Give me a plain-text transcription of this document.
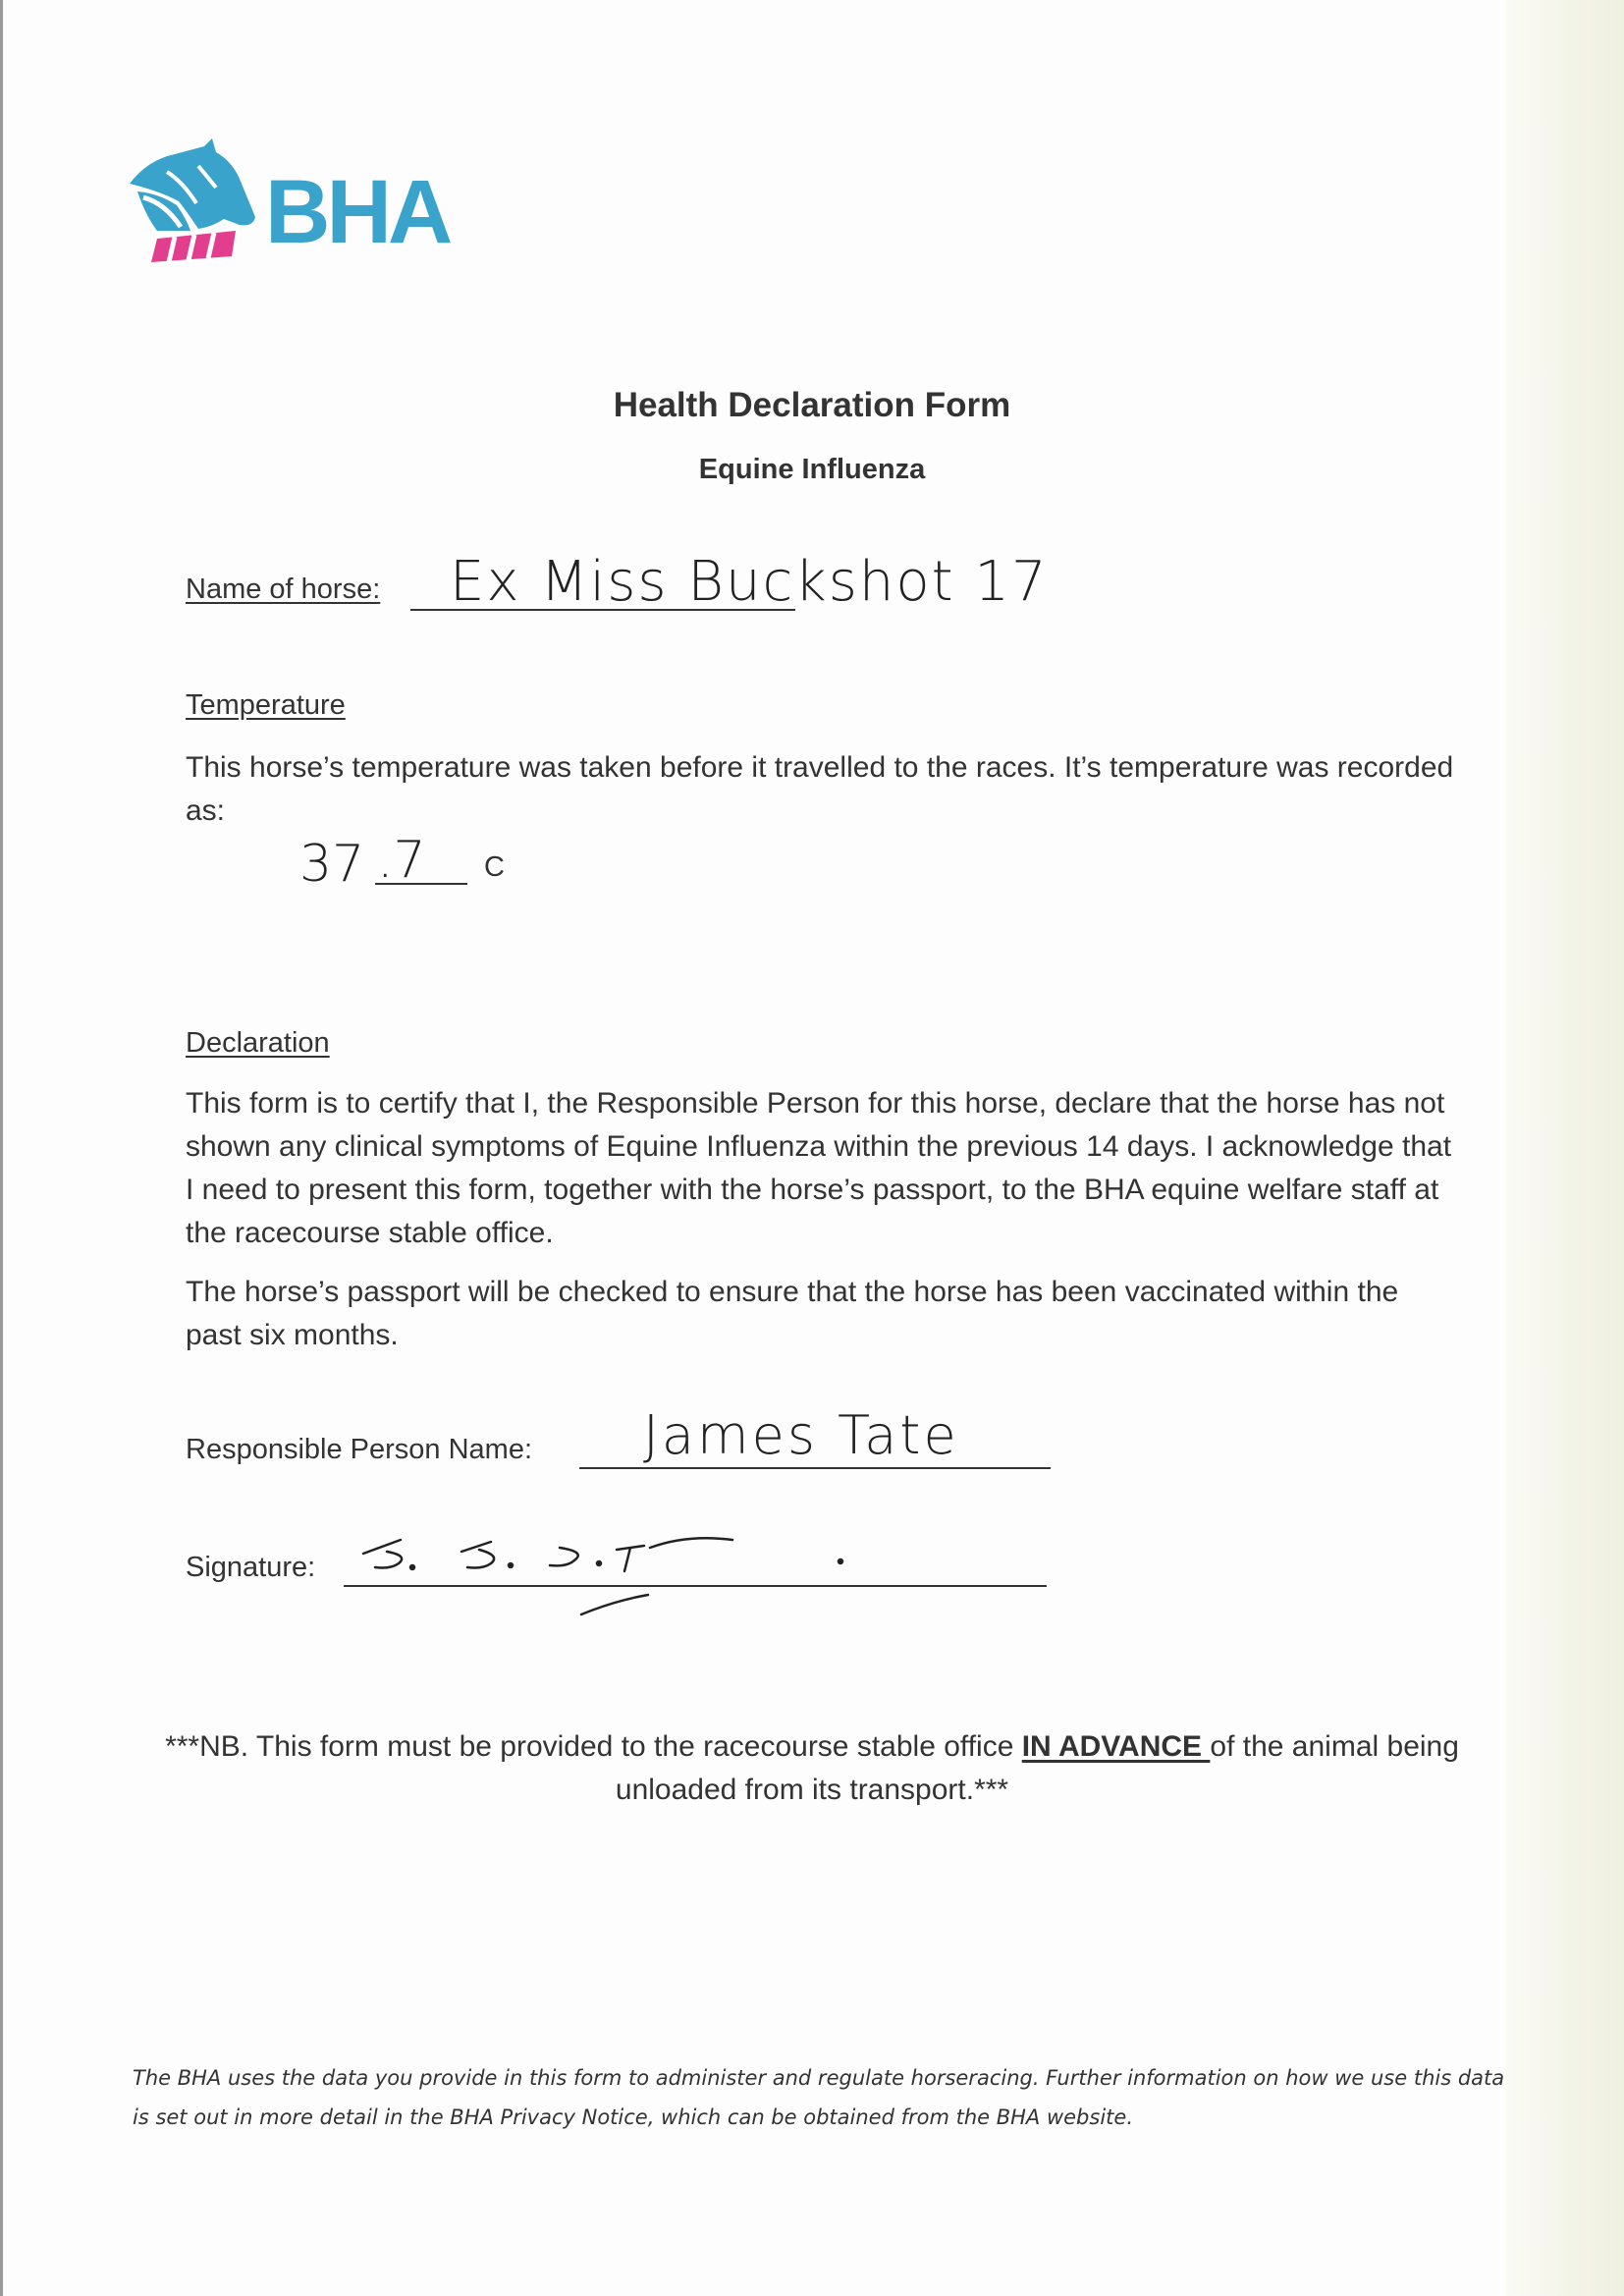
BHA
Health Declaration Form
Equine Influenza
Name of horse: Ex Miss Buckshot 17
Temperature
This horse’s temperature was taken before it travelled to the races. It’s temperature was recorded as:
37 .7 C
Declaration
This form is to certify that I, the Responsible Person for this horse, declare that the horse has not shown any clinical symptoms of Equine Influenza within the previous 14 days. I acknowledge that I need to present this form, together with the horse’s passport, to the BHA equine welfare staff at the racecourse stable office.
The horse’s passport will be checked to ensure that the horse has been vaccinated within the past six months.
Responsible Person Name: James Tate
Signature:
***NB. This form must be provided to the racecourse stable office IN ADVANCE of the animal being unloaded from its transport.***
The BHA uses the data you provide in this form to administer and regulate horseracing. Further information on how we use this data is set out in more detail in the BHA Privacy Notice, which can be obtained from the BHA website.
